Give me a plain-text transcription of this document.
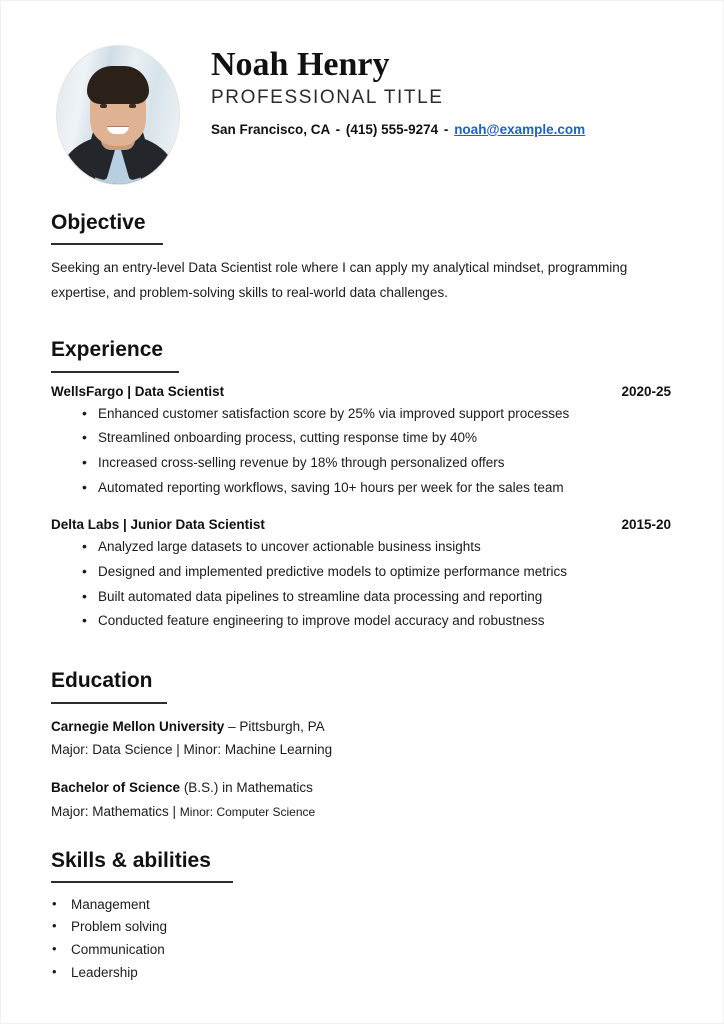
Noah Henry
PROFESSIONAL TITLE
San Francisco, CA - (415) 555-9274 - noah@example.com
Objective

Seeking an entry-level Data Scientist role where I can apply my analytical mindset, programming expertise, and problem-solving skills to real-world data challenges.

Experience
WellsFargo | Data Scientist	2020-25
• Enhanced customer satisfaction score by 25% via improved support processes
• Streamlined onboarding process, cutting response time by 40%
• Increased cross-selling revenue by 18% through personalized offers
• Automated reporting workflows, saving 10+ hours per week for the sales team
Delta Labs | Junior Data Scientist	2015-20
• Analyzed large datasets to uncover actionable business insights
• Designed and implemented predictive models to optimize performance metrics
• Built automated data pipelines to streamline data processing and reporting
• Conducted feature engineering to improve model accuracy and robustness
Education
Carnegie Mellon University – Pittsburgh, PA
Major: Data Science | Minor: Machine Learning
Bachelor of Science (B.S.) in Mathematics
Major: Mathematics | Minor: Computer Science
Skills & abilities
• Management
• Problem solving
• Communication
• Leadership
